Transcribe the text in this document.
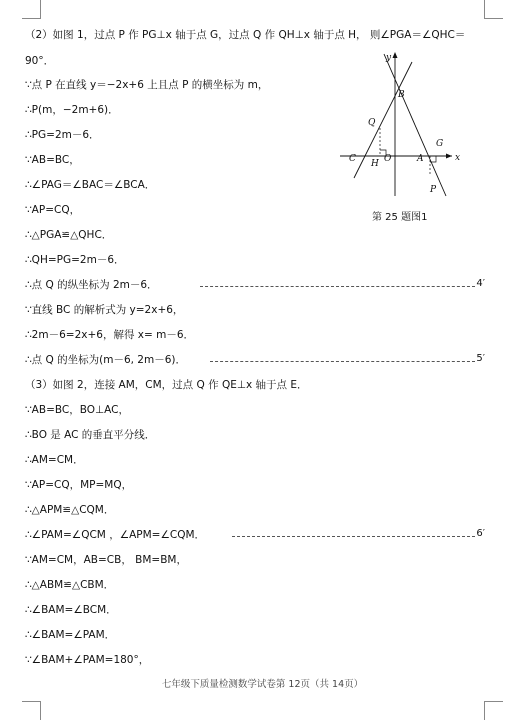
（2）如图 1，过点 P 作 PG⊥x 轴于点 G，过点 Q 作 QH⊥x 轴于点 H， 则∠PGA＝∠QHC＝
90°．
∵点 P 在直线 y＝−2x+6 上且点 P 的横坐标为 m，
∴P(m，−2m+6)．
∴PG=2m－6．
∵AB=BC，
∴∠PAG＝∠BAC＝∠BCA．
∵AP=CQ，
∴△PGA≌△QHC．
∴QH=PG=2m－6．
∴点 Q 的纵坐标为 2m－6．
∵直线 BC 的解析式为 y=2x+6，
∴2m－6=2x+6，解得 x= m－6．
∴点 Q 的坐标为(m－6, 2m－6)．
（3）如图 2，连接 AM，CM，过点 Q 作 QE⊥x 轴于点 E．
∵AB=BC，BO⊥AC，
∴BO 是 AC 的垂直平分线．
∴AM=CM．
∵AP=CQ，MP=MQ，
∴△APM≌△CQM．
∴∠PAM=∠QCM ，∠APM=∠CQM．
∵AM=CM，AB=CB， BM=BM，
∴△ABM≌△CBM．
∴∠BAM=∠BCM．
∴∠BAM=∠PAM．
∵∠BAM+∠PAM=180°，
4′
5′
6′
y
x
B
Q
G
C	O	A
H
P
第 25 题图1
七年级下质量检测数学试卷第 12页（共 14页）
